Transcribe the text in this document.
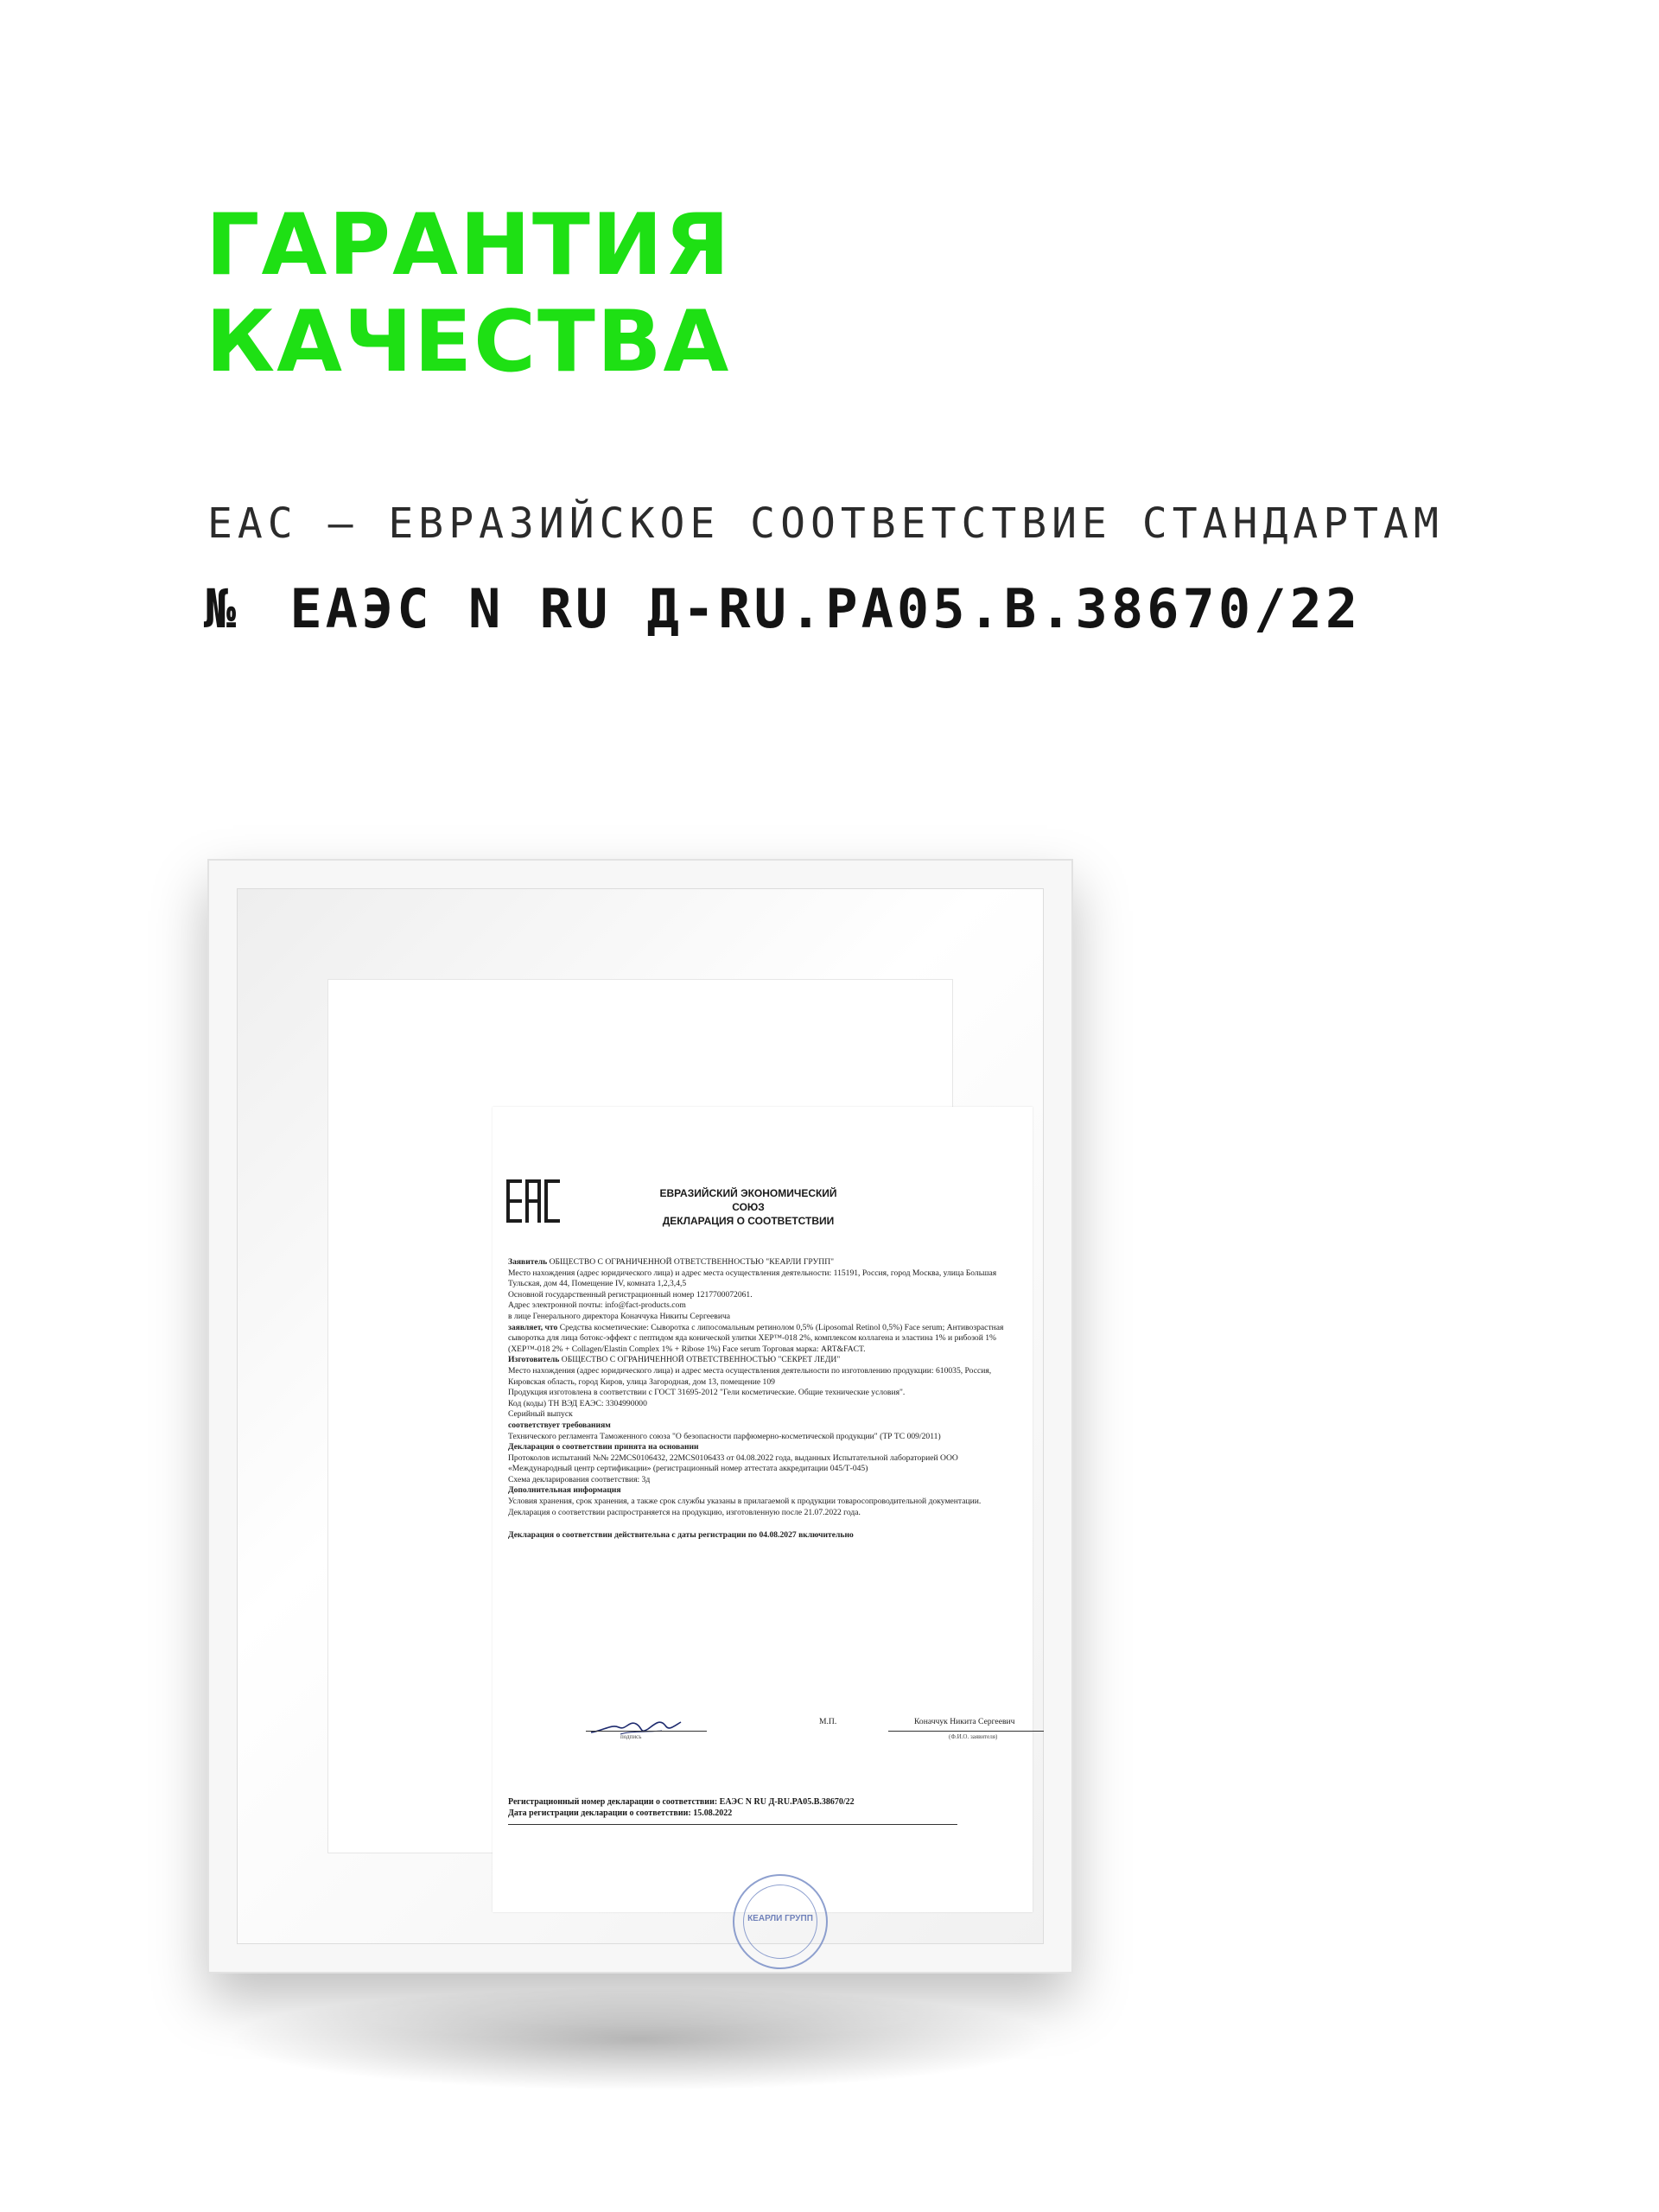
ГАРАНТИЯ
КАЧЕСТВА
EAC – ЕВРАЗИЙСКОЕ СООТВЕТСТВИЕ СТАНДАРТАМ
№ ЕАЭС N RU Д-RU.PA05.B.38670/22
ЕВРАЗИЙСКИЙ ЭКОНОМИЧЕСКИЙ СОЮЗ
ДЕКЛАРАЦИЯ О СООТВЕТСТВИИ

Заявитель ОБЩЕСТВО С ОГРАНИЧЕННОЙ ОТВЕТСТВЕННОСТЬЮ "КЕАРЛИ ГРУПП"

Место нахождения (адрес юридического лица) и адрес места осуществления деятельности: 115191, Россия, город Москва, улица Большая Тульская, дом 44, Помещение IV, комната 1,2,3,4,5

Основной государственный регистрационный номер 1217700072061.

Адрес электронной почты: info@fact-products.com

в лице Генерального директора Коначчука Никиты Сергеевича

заявляет, что Средства косметические: Сыворотка с липосомальным ретинолом 0,5% (Liposomal Retinol 0,5%) Face serum; Антивозрастная сыворотка для лица ботокс-эффект с пептидом яда конической улитки XEP™-018 2%, комплексом коллагена и эластина 1% и рибозой 1% (XEP™-018 2% + Collagen/Elastin Complex 1% + Ribose 1%) Face serum Торговая марка: ART&FACT.

Изготовитель ОБЩЕСТВО С ОГРАНИЧЕННОЙ ОТВЕТСТВЕННОСТЬЮ "СЕКРЕТ ЛЕДИ"

Место нахождения (адрес юридического лица) и адрес места осуществления деятельности по изготовлению продукции: 610035, Россия, Кировская область, город Киров, улица Загородная, дом 13, помещение 109

Продукция изготовлена в соответствии с ГОСТ 31695-2012 "Гели косметические. Общие технические условия".

Код (коды) ТН ВЭД ЕАЭС: 3304990000

Серийный выпуск

соответствует требованиям

Технического регламента Таможенного союза "О безопасности парфюмерно-косметической продукции" (ТР ТС 009/2011)

Декларация о соответствии принята на основании

Протоколов испытаний №№ 22MCS0106432, 22MCS0106433 от 04.08.2022 года, выданных Испытательной лабораторией ООО «Международный центр сертификации» (регистрационный номер аттестата аккредитации 045/Т-045)

Схема декларирования соответствия: 3д

Дополнительная информация

Условия хранения, срок хранения, а также срок службы указаны в прилагаемой к продукции товаросопроводительной документации. Декларация о соответствии распространяется на продукцию, изготовленную после 21.07.2022 года.

Декларация о соответствии действительна с даты регистрации по 04.08.2027 включительно

подпись
М.П.	Коначчук Никита Сергеевич
(Ф.И.О. заявителя)
Регистрационный номер декларации о соответствии: ЕАЭС N RU Д-RU.PA05.B.38670/22
Дата регистрации декларации о соответствии: 15.08.2022
КЕАРЛИ ГРУПП
